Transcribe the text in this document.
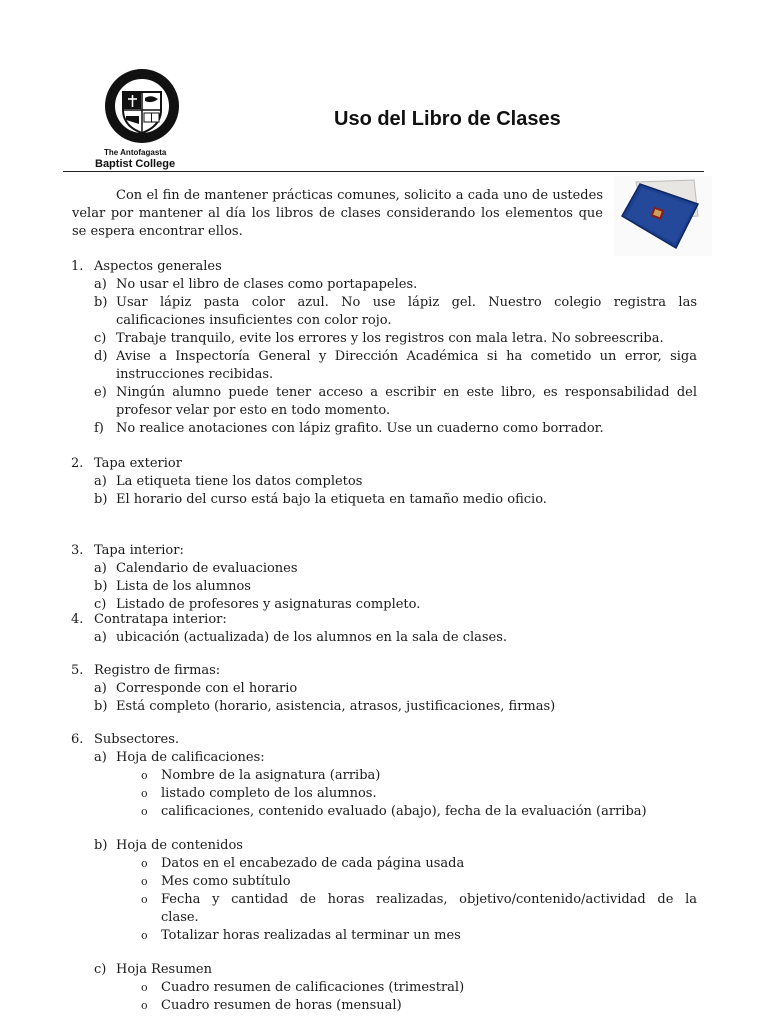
The Antofagasta
Baptist College
Uso del Libro de Clases
Con el fin de mantener prácticas comunes, solicito a cada uno de ustedes velar por mantener al día los libros de clases considerando los elementos que se espera encontrar ellos.
1. Aspectos generales
a) No usar el libro de clases como portapapeles.
b) Usar lápiz pasta color azul. No use lápiz gel. Nuestro colegio registra las
calificaciones insuficientes con color rojo.
c) Trabaje tranquilo, evite los errores y los registros con mala letra. No sobreescriba.
d) Avise a Inspectoría General y Dirección Académica si ha cometido un error, siga
instrucciones recibidas.
e) Ningún alumno puede tener acceso a escribir en este libro, es responsabilidad del
profesor velar por esto en todo momento.
f) No realice anotaciones con lápiz grafito. Use un cuaderno como borrador.
2. Tapa exterior
a) La etiqueta tiene los datos completos
b) El horario del curso está bajo la etiqueta en tamaño medio oficio.
3. Tapa interior:
a) Calendario de evaluaciones
b) Lista de los alumnos
c) Listado de profesores y asignaturas completo.
4. Contratapa interior:
a) ubicación (actualizada) de los alumnos en la sala de clases.
5. Registro de firmas:
a) Corresponde con el horario
b) Está completo (horario, asistencia, atrasos, justificaciones, firmas)
6. Subsectores.
a) Hoja de calificaciones:
o Nombre de la asignatura (arriba)
o listado completo de los alumnos.
o calificaciones, contenido evaluado (abajo), fecha de la evaluación (arriba)
b) Hoja de contenidos
o Datos en el encabezado de cada página usada
o Mes como subtítulo
o Fecha y cantidad de horas realizadas, objetivo/contenido/actividad de la
clase.
o Totalizar horas realizadas al terminar un mes
c) Hoja Resumen
o Cuadro resumen de calificaciones (trimestral)
o Cuadro resumen de horas (mensual)
